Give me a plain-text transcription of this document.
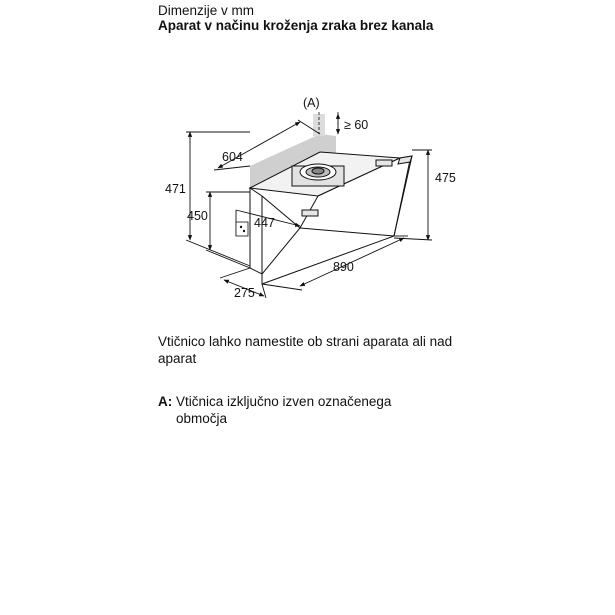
Dimenzije v mm

Aparat v načinu kroženja zraka brez kanala

(A)
≥ 60
604
475
471
450	447
890
275

Vtičnico lahko namestite ob strani aparata ali nad aparat

A: Vtičnica izključno izven označenega območja
